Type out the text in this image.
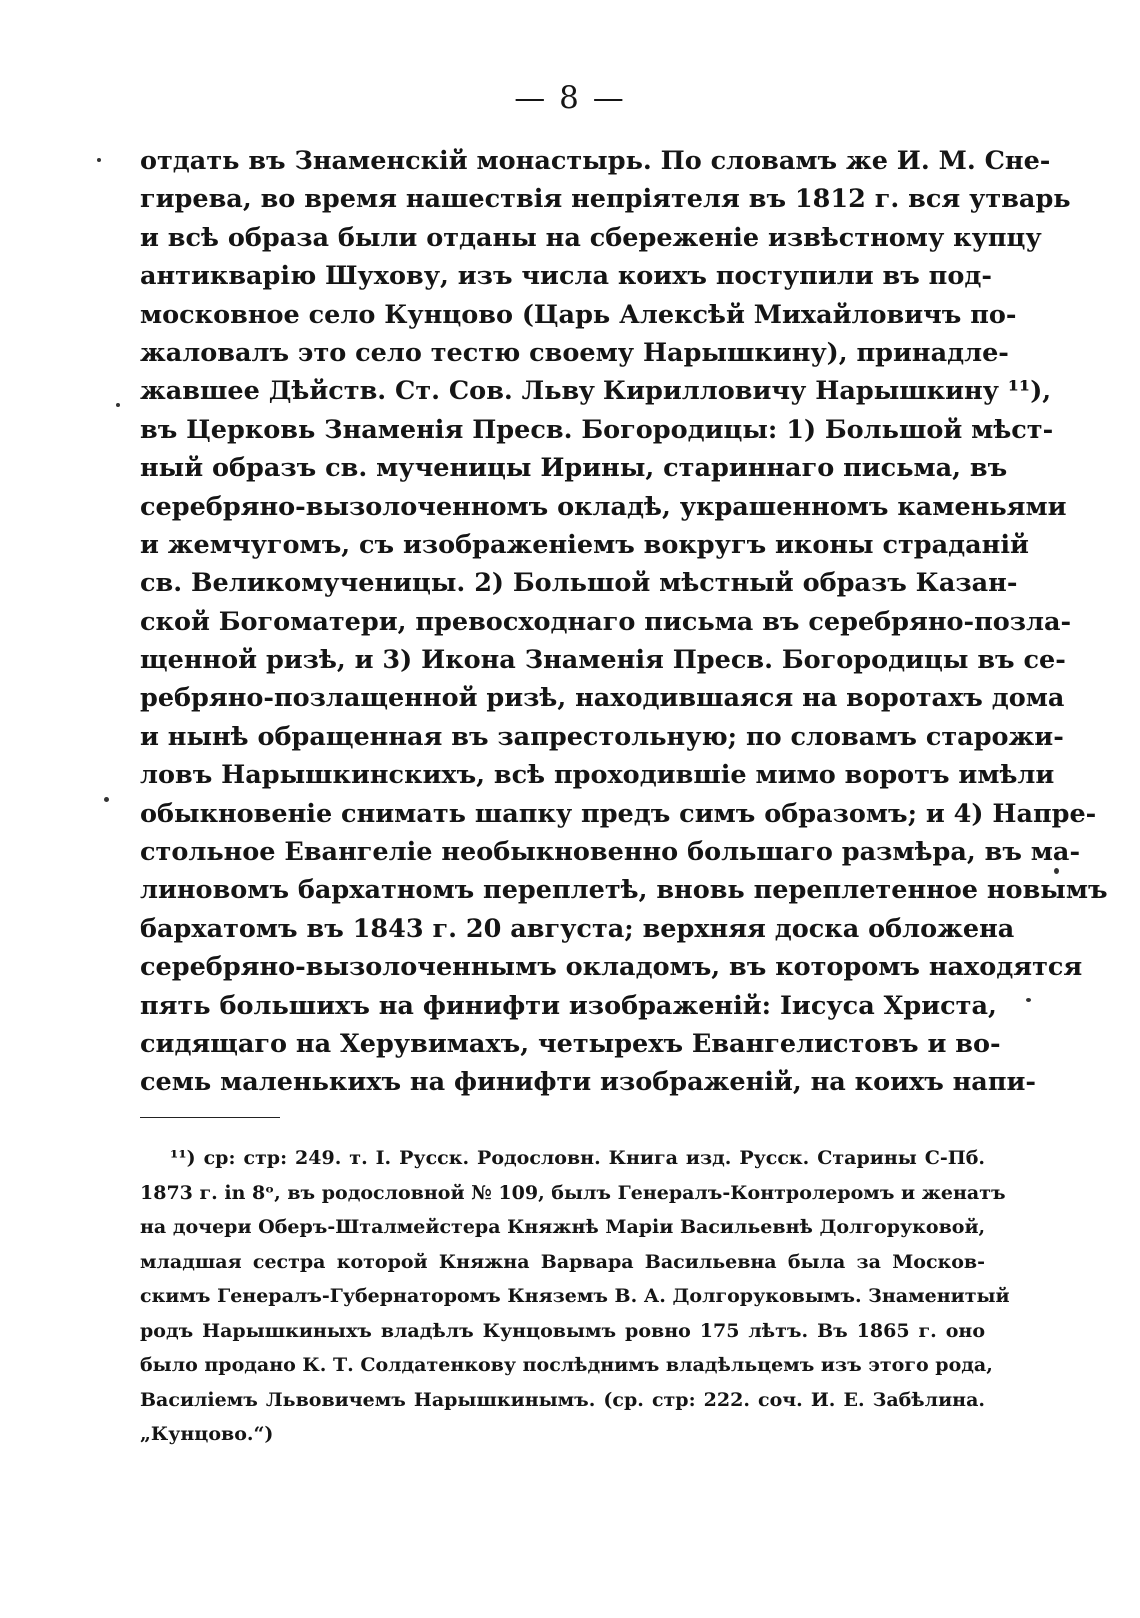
— 8 —
отдать въ Знаменскій монастырь. По словамъ же И. М. Сне-
гирева, во время нашествія непріятеля въ 1812 г. вся утварь
и всѣ образа были отданы на сбереженіе извѣстному купцу
антикварію Шухову, изъ числа коихъ поступили въ под-
московное село Кунцово (Царь Алексѣй Михайловичъ по-
жаловалъ это село тестю своему Нарышкину), принадле-
жавшее Дѣйств. Ст. Сов. Львy Кирилловичу Нарышкину ¹¹),
въ Церковь Знаменія Пресв. Богородицы: 1) Большой мѣст-
ный образъ св. мученицы Ирины, стариннаго письма, въ
серебряно-вызолоченномъ окладѣ, украшенномъ каменьями
и жемчугомъ, съ изображеніемъ вокругъ иконы страданій
св. Великомученицы. 2) Большой мѣстный образъ Казан-
ской Богоматери, превосходнаго письма въ серебряно-позла-
щенной ризѣ, и 3) Икона Знаменія Пресв. Богородицы въ се-
ребряно-позлащенной ризѣ, находившаяся на воротахъ дома
и нынѣ обращенная въ запрестольную; по словамъ старожи-
ловъ Нарышкинскихъ, всѣ проходившіе мимо воротъ имѣли
обыкновеніе снимать шапку предъ симъ образомъ; и 4) Напре-
стольное Евангеліе необыкновенно большаго размѣра, въ ма-
линовомъ бархатномъ переплетѣ, вновь переплетенное новымъ
бархатомъ въ 1843 г. 20 августа; верхняя доска обложена
серебряно-вызолоченнымъ окладомъ, въ которомъ находятся
пять большихъ на финифти изображеній: Іисуса Христа,
сидящаго на Херувимахъ, четырехъ Евангелистовъ и во-
семь маленькихъ на финифти изображеній, на коихъ напи-
¹¹) ср: стр: 249. т. I. Русск. Родословн. Книга изд. Русск. Старины С-Пб.
1873 г. in 8ᵒ, въ родословной № 109, былъ Генералъ-Контролеромъ и женатъ
на дочери Оберъ-Шталмейстера Княжнѣ Маріи Васильевнѣ Долгоруковой,
младшая сестра которой Княжна Варвара Васильевна была за Москов-
скимъ Генералъ-Губернаторомъ Княземъ В. А. Долгоруковымъ. Знаменитый
родъ Нарышкиныхъ владѣлъ Кунцовымъ ровно 175 лѣтъ. Въ 1865 г. оно
было продано К. Т. Солдатенкову послѣднимъ владѣльцемъ изъ этого рода,
Василіемъ Львовичемъ Нарышкинымъ. (ср. стр: 222. соч. И. Е. Забѣлина.
„Кунцово.“)
